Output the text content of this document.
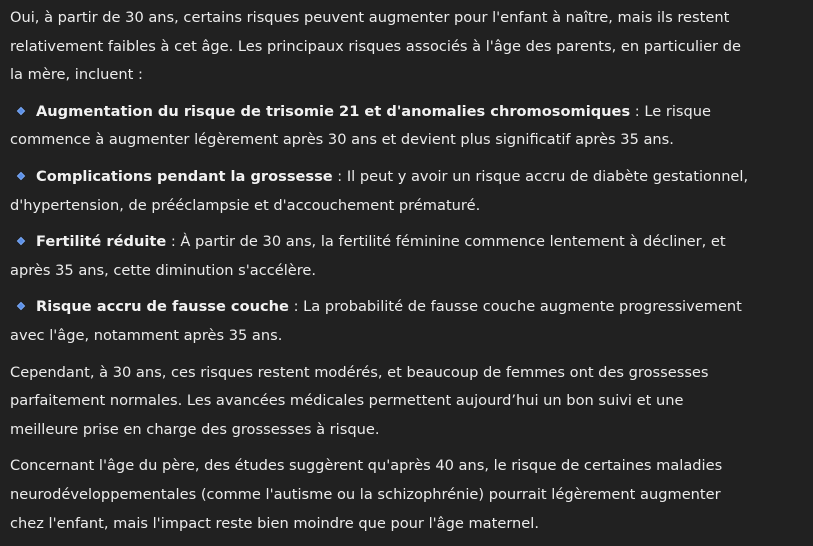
Oui, à partir de 30 ans, certains risques peuvent augmenter pour l'enfant à naître, mais ils restent relativement faibles à cet âge. Les principaux risques associés à l'âge des parents, en particulier de la mère, incluent :

Augmentation du risque de trisomie 21 et d'anomalies chromosomiques : Le risque commence à augmenter légèrement après 30 ans et devient plus significatif après 35 ans.
Complications pendant la grossesse : Il peut y avoir un risque accru de diabète gestationnel, d'hypertension, de prééclampsie et d'accouchement prématuré.
Fertilité réduite : À partir de 30 ans, la fertilité féminine commence lentement à décliner, et après 35 ans, cette diminution s'accélère.
Risque accru de fausse couche : La probabilité de fausse couche augmente progressivement avec l'âge, notamment après 35 ans.

Cependant, à 30 ans, ces risques restent modérés, et beaucoup de femmes ont des grossesses parfaitement normales. Les avancées médicales permettent aujourd’hui un bon suivi et une meilleure prise en charge des grossesses à risque.

Concernant l'âge du père, des études suggèrent qu'après 40 ans, le risque de certaines maladies neurodéveloppementales (comme l'autisme ou la schizophrénie) pourrait légèrement augmenter chez l'enfant, mais l'impact reste bien moindre que pour l'âge maternel.
